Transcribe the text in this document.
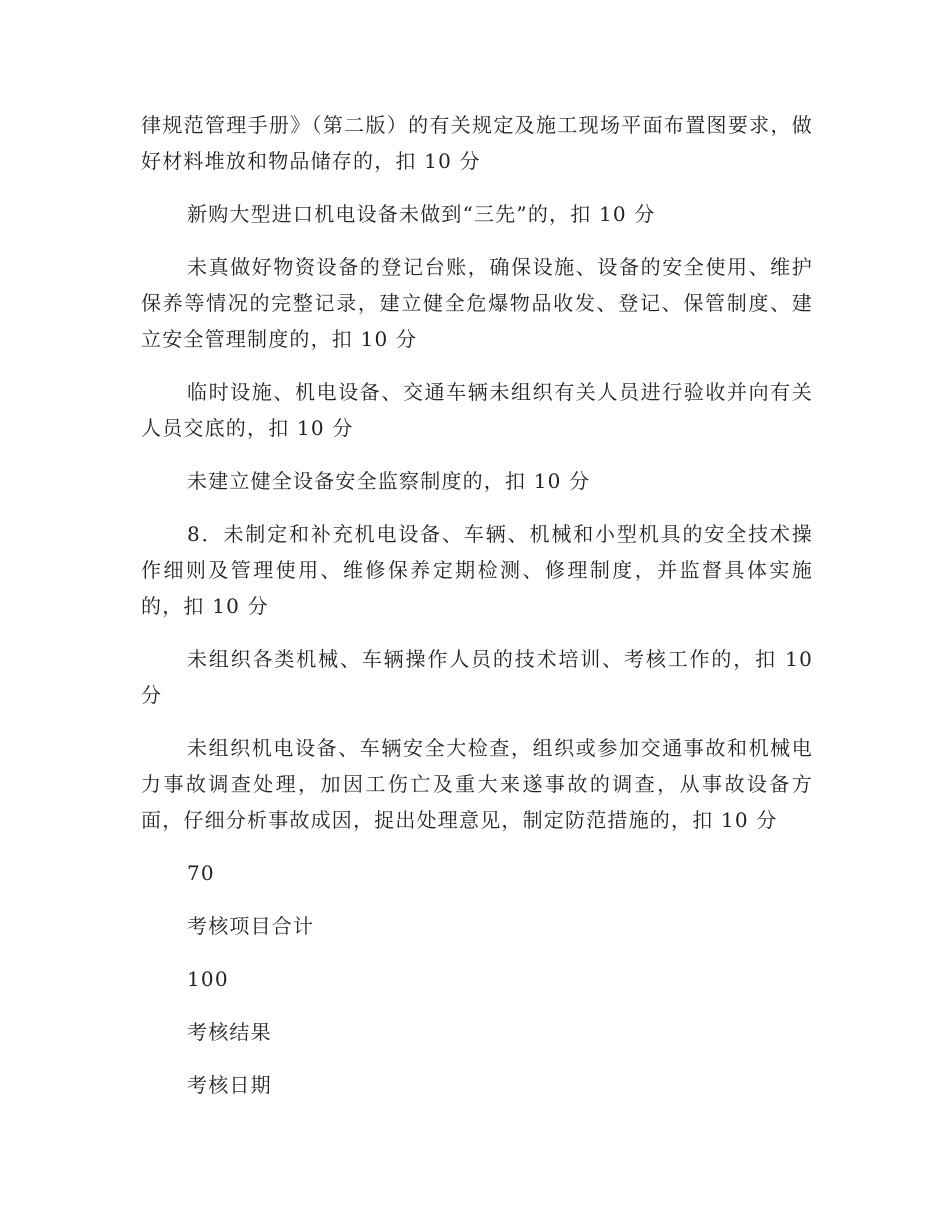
律规范管理手册》（第二版）的有关规定及施工现场平面布置图要求，做好材料堆放和物品储存的，扣 10 分

新购大型进口机电设备未做到“三先”的，扣 10 分

未真做好物资设备的登记台账，确保设施、设备的安全使用、维护保养等情况的完整记录，建立健全危爆物品收发、登记、保管制度、建立安全管理制度的，扣 10 分

临时设施、机电设备、交通车辆未组织有关人员进行验收并向有关人员交底的，扣 10 分

未建立健全设备安全监察制度的，扣 10 分

8．未制定和补充机电设备、车辆、机械和小型机具的安全技术操作细则及管理使用、维修保养定期检测、修理制度，并监督具体实施的，扣 10 分

未组织各类机械、车辆操作人员的技术培训、考核工作的，扣 10 分

未组织机电设备、车辆安全大检查，组织或参加交通事故和机械电力事故调查处理，加因工伤亡及重大来遂事故的调查，从事故设备方面，仔细分析事故成因，捉出处理意见，制定防范措施的，扣 10 分

70

考核项目合计

100

考核结果

考核日期
